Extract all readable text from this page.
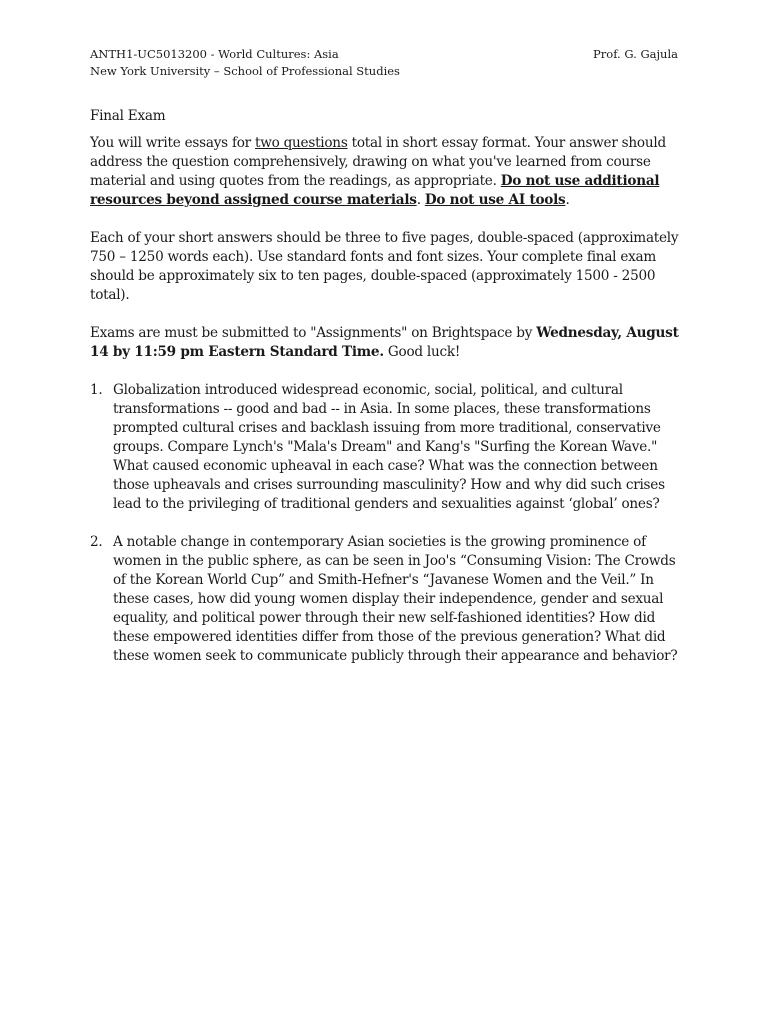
ANTH1-UC5013200 - World Cultures: Asia	Prof. G. Gajula
New York University – School of Professional Studies
Final Exam

You will write essays for two questions total in short essay format. Your answer should address the question comprehensively, drawing on what you've learned from course material and using quotes from the readings, as appropriate. Do not use additional resources beyond assigned course materials. Do not use AI tools.

Each of your short answers should be three to five pages, double-spaced (approximately 750 – 1250 words each). Use standard fonts and font sizes. Your complete final exam should be approximately six to ten pages, double-spaced (approximately 1500 - 2500 total).

Exams are must be submitted to "Assignments" on Brightspace by Wednesday, August 14 by 11:59 pm Eastern Standard Time. Good luck!

1. Globalization introduced widespread economic, social, political, and cultural transformations -- good and bad -- in Asia. In some places, these transformations prompted cultural crises and backlash issuing from more traditional, conservative groups. Compare Lynch's "Mala's Dream" and Kang's "Surfing the Korean Wave." What caused economic upheaval in each case? What was the connection between those upheavals and crises surrounding masculinity? How and why did such crises lead to the privileging of traditional genders and sexualities against ‘global’ ones?
2. A notable change in contemporary Asian societies is the growing prominence of women in the public sphere, as can be seen in Joo's “Consuming Vision: The Crowds of the Korean World Cup” and Smith-Hefner's “Javanese Women and the Veil.” In these cases, how did young women display their independence, gender and sexual equality, and political power through their new self-fashioned identities? How did these empowered identities differ from those of the previous generation? What did these women seek to communicate publicly through their appearance and behavior?
